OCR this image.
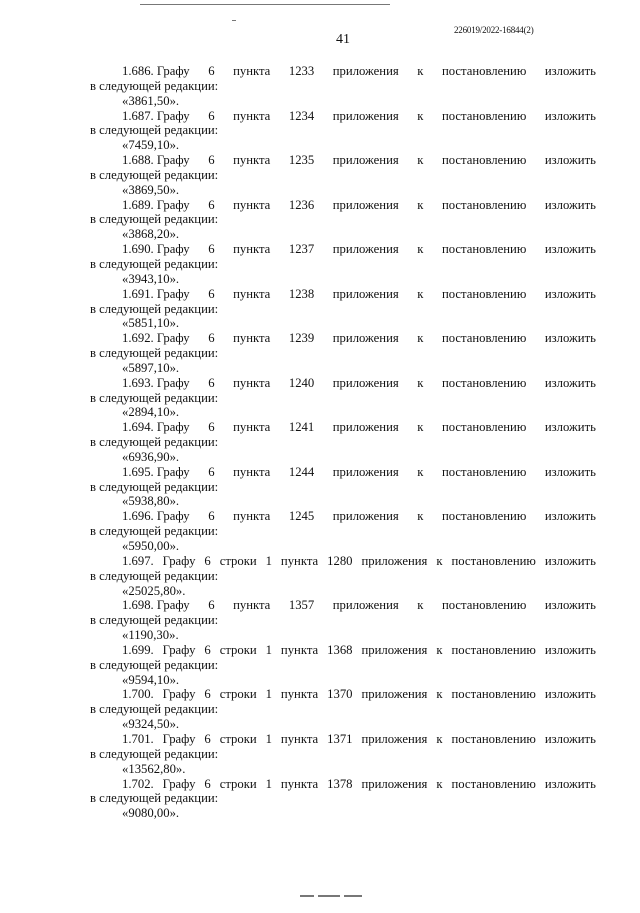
41
226019/2022-16844(2)
1.686. Графу 6 пункта 1233 приложения к постановлению изложить
в следующей редакции:
«3861,50».
1.687. Графу 6 пункта 1234 приложения к постановлению изложить
в следующей редакции:
«7459,10».
1.688. Графу 6 пункта 1235 приложения к постановлению изложить
в следующей редакции:
«3869,50».
1.689. Графу 6 пункта 1236 приложения к постановлению изложить
в следующей редакции:
«3868,20».
1.690. Графу 6 пункта 1237 приложения к постановлению изложить
в следующей редакции:
«3943,10».
1.691. Графу 6 пункта 1238 приложения к постановлению изложить
в следующей редакции:
«5851,10».
1.692. Графу 6 пункта 1239 приложения к постановлению изложить
в следующей редакции:
«5897,10».
1.693. Графу 6 пункта 1240 приложения к постановлению изложить
в следующей редакции:
«2894,10».
1.694. Графу 6 пункта 1241 приложения к постановлению изложить
в следующей редакции:
«6936,90».
1.695. Графу 6 пункта 1244 приложения к постановлению изложить
в следующей редакции:
«5938,80».
1.696. Графу 6 пункта 1245 приложения к постановлению изложить
в следующей редакции:
«5950,00».
1.697. Графу 6 строки 1 пункта 1280 приложения к постановлению изложить
в следующей редакции:
«25025,80».
1.698. Графу 6 пункта 1357 приложения к постановлению изложить
в следующей редакции:
«1190,30».
1.699. Графу 6 строки 1 пункта 1368 приложения к постановлению изложить
в следующей редакции:
«9594,10».
1.700. Графу 6 строки 1 пункта 1370 приложения к постановлению изложить
в следующей редакции:
«9324,50».
1.701. Графу 6 строки 1 пункта 1371 приложения к постановлению изложить
в следующей редакции:
«13562,80».
1.702. Графу 6 строки 1 пункта 1378 приложения к постановлению изложить
в следующей редакции:
«9080,00».
